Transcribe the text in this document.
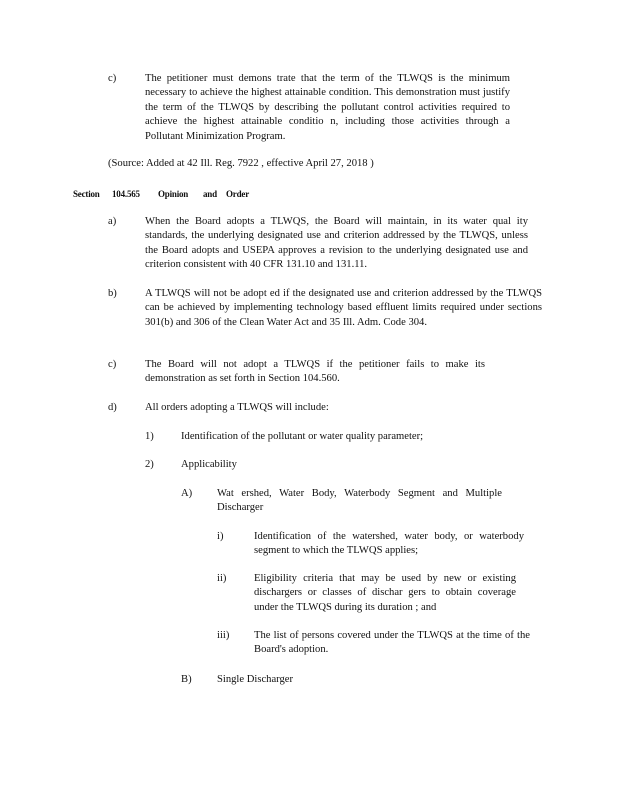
c)	The petitioner must demons trate that the term of the TLWQS is the minimum necessary to achieve the highest attainable condition. This demonstration must justify the term of the TLWQS by describing the pollutant control activities required to achieve the highest attainable conditio n, including those activities through a Pollutant Minimization Program.
(Source: Added at 42 Ill. Reg. 7922 , effective April 27, 2018 )
Section 104.565 Opinion and Order
a)	When the Board adopts a TLWQS, the Board will maintain, in its water qual ity standards, the underlying designated use and criterion addressed by the TLWQS, unless the Board adopts and USEPA approves a revision to the underlying designated use and criterion consistent with 40 CFR 131.10 and 131.11.
b)	A TLWQS will not be adopt ed if the designated use and criterion addressed by the TLWQS can be achieved by implementing technology based effluent limits required under sections 301(b) and 306 of the Clean Water Act and 35 Ill. Adm. Code 304.
c)	The Board will not adopt a TLWQS if the petitioner fails to make its demonstration as set forth in Section 104.560.
d)	All orders adopting a TLWQS will include:
1)	Identification of the pollutant or water quality parameter;
2)	Applicability
A) Wat ershed, Water Body, Waterbody Segment and Multiple Discharger
i)	Identification of the watershed, water body, or waterbody segment to which the TLWQS applies;
ii)	Eligibility criteria that may be used by new or existing dischargers or classes of dischar gers to obtain coverage under the TLWQS during its duration ; and
iii) The list of persons covered under the TLWQS at the time of the Board's adoption.
B) Single Discharger
